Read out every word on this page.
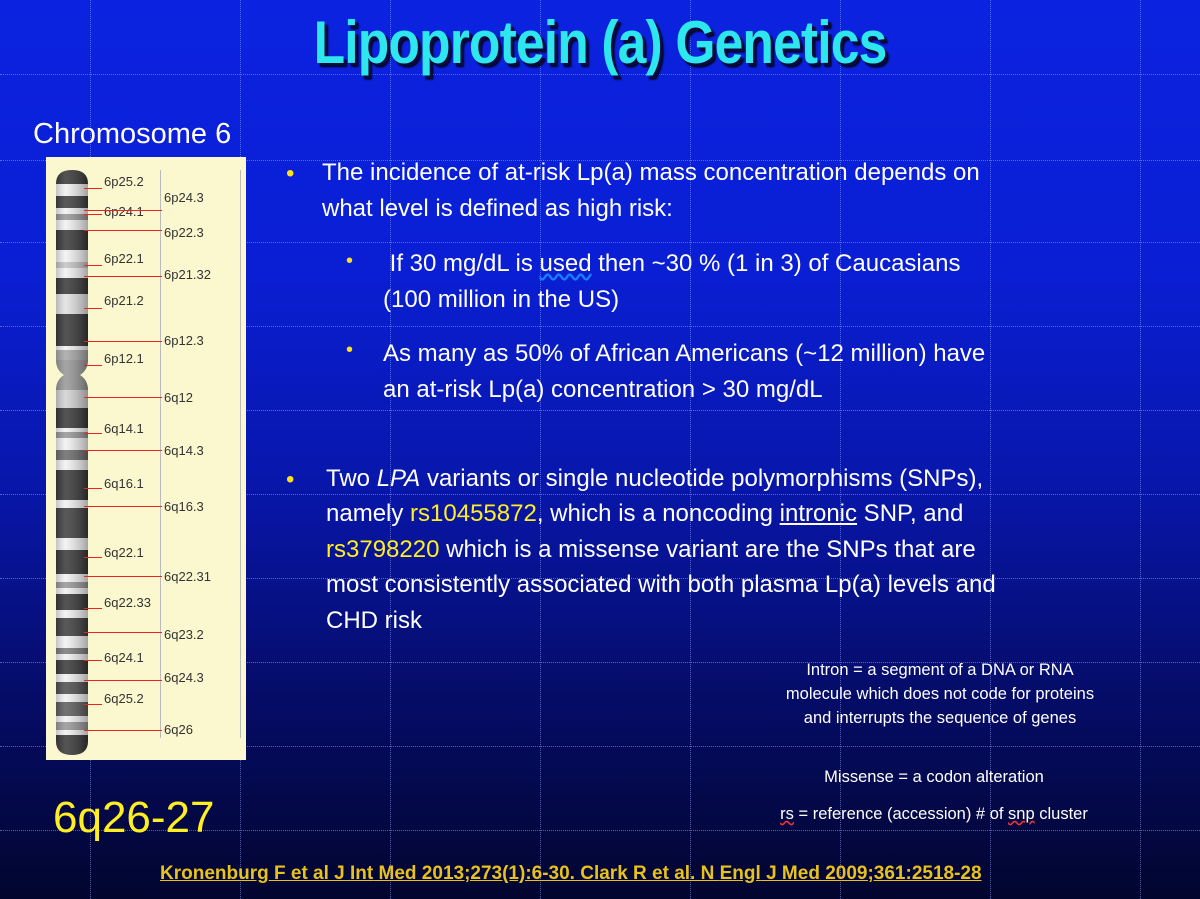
Lipoprotein (a) Genetics
Chromosome 6
6p25.2
6p24.1
6p22.1
6p21.2
6p12.1
6q14.1
6q16.1
6q22.1
6q22.33
6q24.1
6q25.2
6p24.3
6p22.3
6p21.32
6p12.3
6q12
6q14.3
6q16.3
6q22.31
6q23.2
6q24.3
6q26
• The incidence of at-risk Lp(a) mass concentration depends on
what level is defined as high risk:
• If 30 mg/dL is used then ~30 % (1 in 3) of Caucasians
(100 million in the US)
• As many as 50% of African Americans (~12 million) have
an at-risk Lp(a) concentration > 30 mg/dL
• Two LPA variants or single nucleotide polymorphisms (SNPs),
namely rs10455872, which is a noncoding intronic SNP, and
rs3798220 which is a missense variant are the SNPs that are
most consistently associated with both plasma Lp(a) levels and
CHD risk
Intron = a segment of a DNA or RNA
molecule which does not code for proteins
and interrupts the sequence of genes
Missense = a codon alteration
rs = reference (accession) # of snp cluster
6q26-27
Kronenburg F et al J Int Med 2013;273(1):6-30. Clark R et al. N Engl J Med 2009;361:2518-28
